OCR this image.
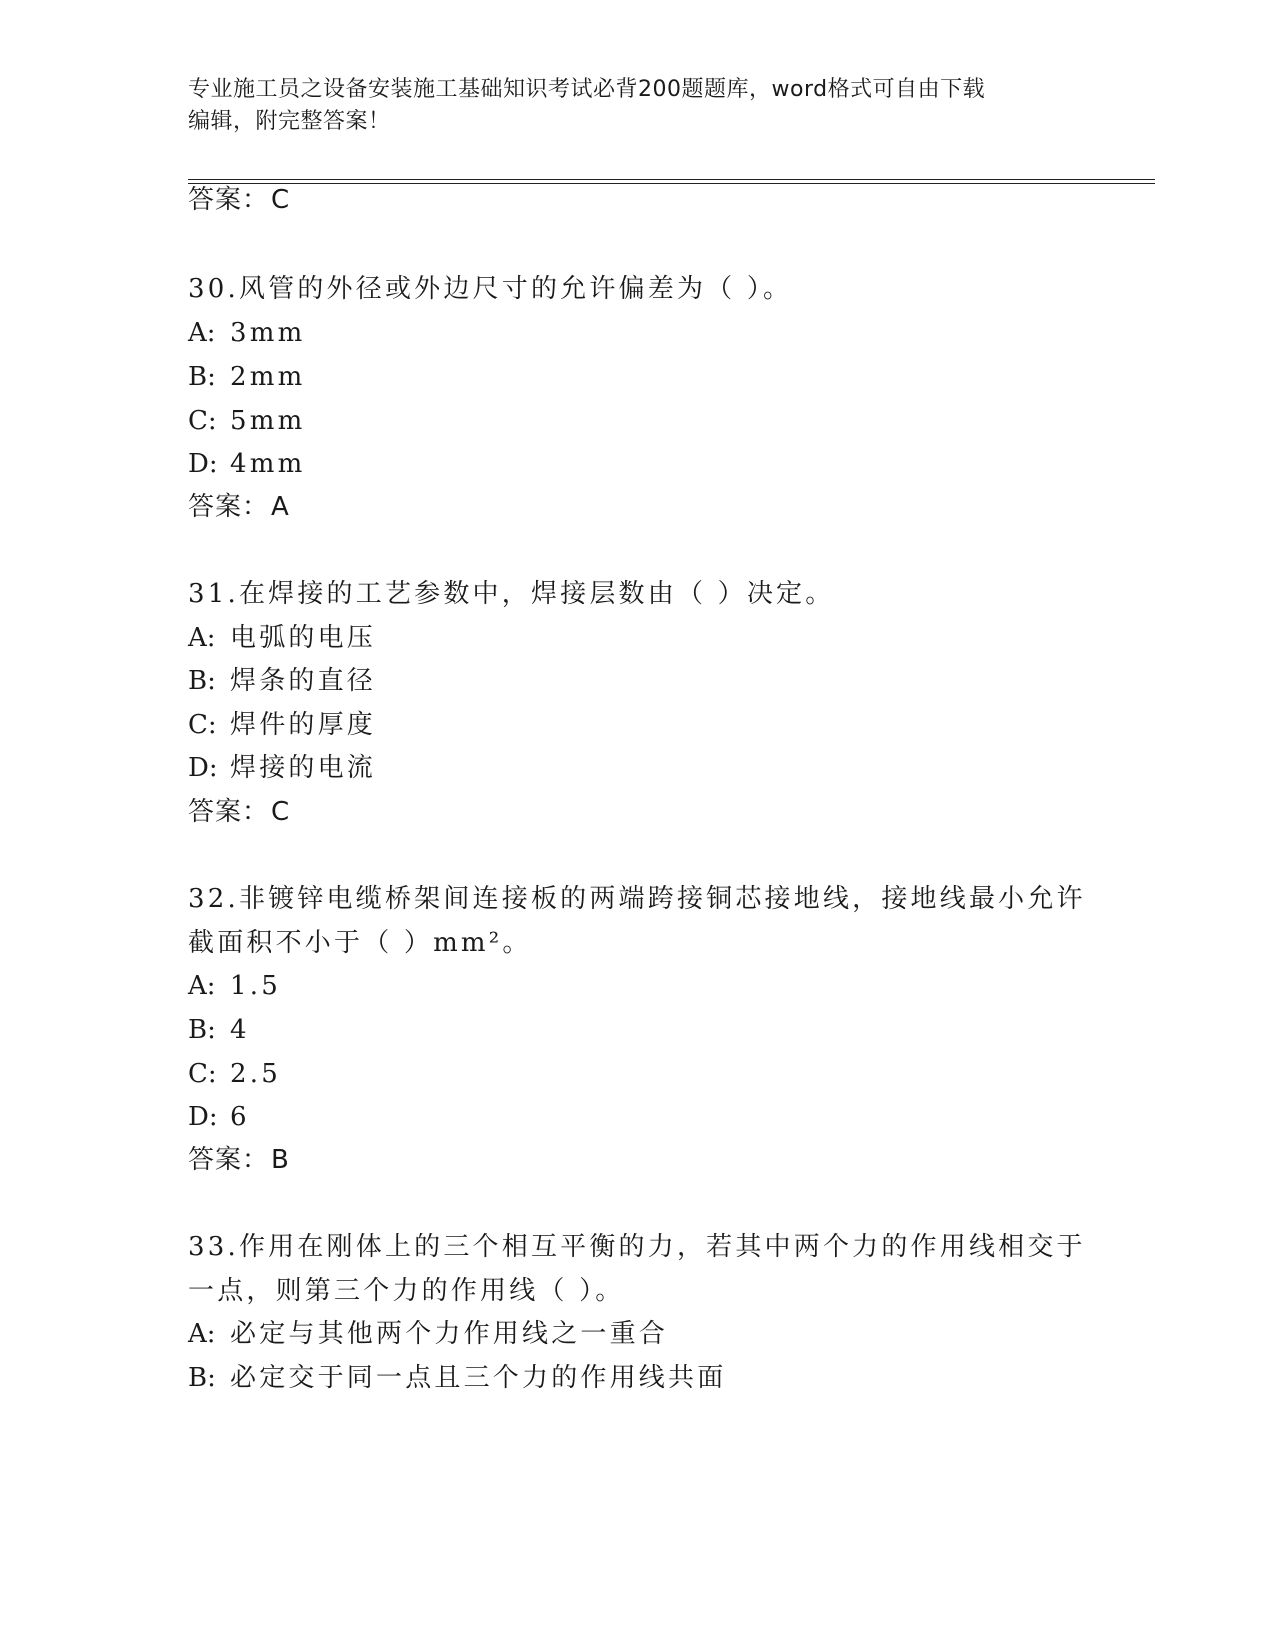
专业施工员之设备安装施工基础知识考试必背200题题库，word格式可自由下载
编辑，附完整答案！
答案：C
30.风管的外径或外边尺寸的允许偏差为（ ）。
A: 3mm
B: 2mm
C: 5mm
D: 4mm
答案：A
31.在焊接的工艺参数中，焊接层数由（ ）决定。
A: 电弧的电压
B: 焊条的直径
C: 焊件的厚度
D: 焊接的电流
答案：C
32.非镀锌电缆桥架间连接板的两端跨接铜芯接地线，接地线最小允许
截面积不小于（ ）mm²。
A: 1.5
B: 4
C: 2.5
D: 6
答案：B
33.作用在刚体上的三个相互平衡的力，若其中两个力的作用线相交于
一点，则第三个力的作用线（ ）。
A: 必定与其他两个力作用线之一重合
B: 必定交于同一点且三个力的作用线共面
